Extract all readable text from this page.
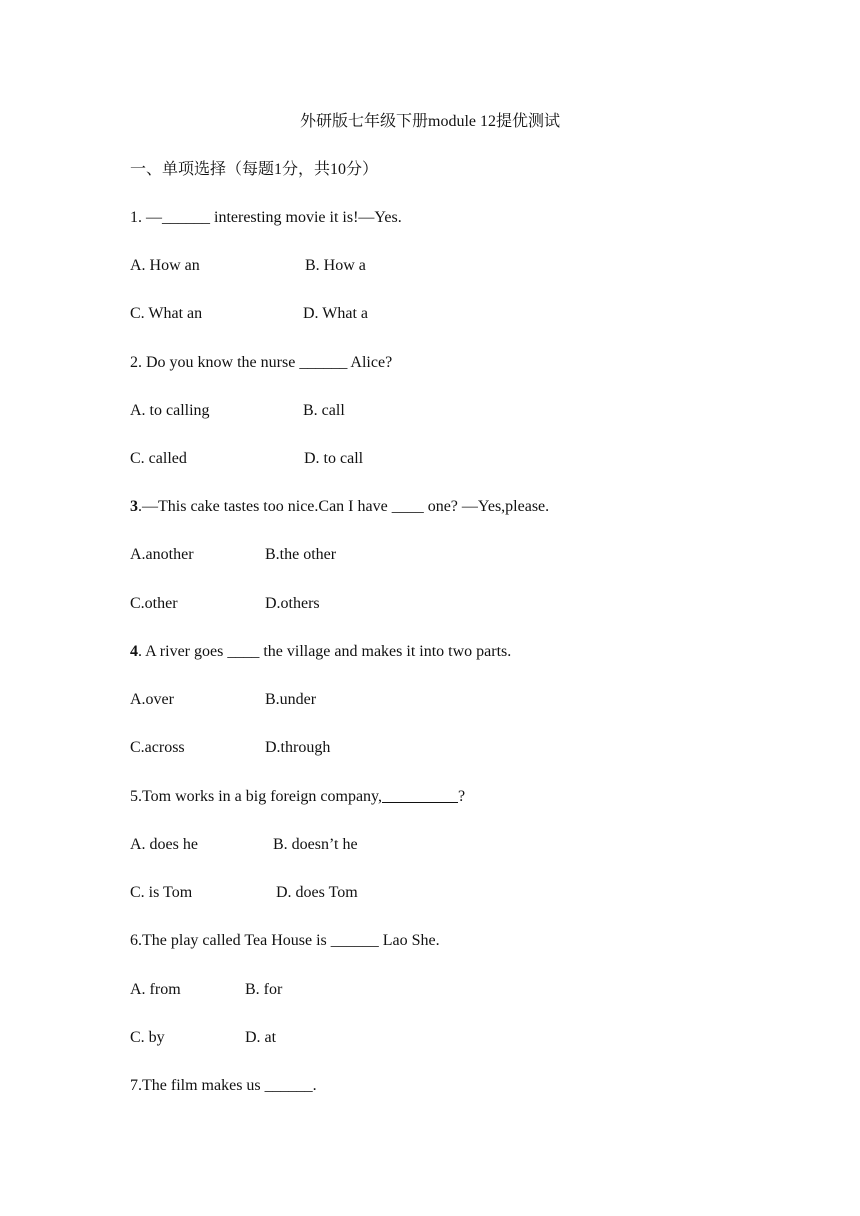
外研版七年级下册module 12提优测试
一、单项选择（每题1分，共10分）
1. —______ interesting movie it is!—Yes.
A. How an	B. How a
C. What an	D. What a
2. Do you know the nurse ______ Alice?
A. to calling	B. call
C. called	D. to call
3.—This cake tastes too nice.Can I have ____ one? —Yes,please.
A.another	B.the other
C.other	D.others
4. A river goes ____ the village and makes it into two parts.
A.over	B.under
C.across	D.through
5.Tom works in a big foreign company,	?
A. does he	B. doesn’t he
C. is Tom	D. does Tom
6.The play called Tea House is ______ Lao She.
A. from	B. for
C. by	D. at
7.The film makes us ______.
